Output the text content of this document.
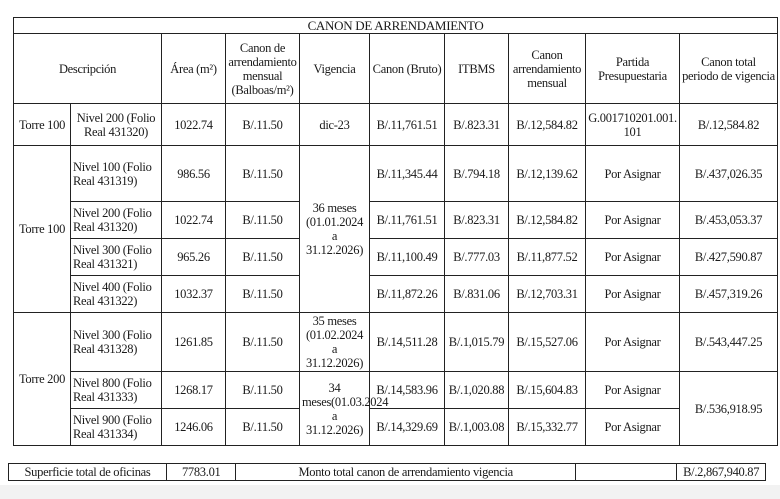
CANON DE ARRENDAMIENTO									
Descripción		Área (m²)	Canon de arrendamiento mensual (Balboas/m²)	Vigencia	Canon (Bruto)	ITBMS	Canon arrendamiento mensual	Partida Presupuestaria	Canon total periodo de vigencia
Torre 100	Nivel 200 (Folio Real 431320)	1022.74	B/.11.50	dic-23	B/.11,761.51	B/.823.31	B/.12,584.82	G.001710201.001.101	B/.12,584.82
Torre 100	Nivel 100 (Folio Real 431319)	986.56	B/.11.50	36 meses (01.01.2024 a 31.12.2026)	B/.11,345.44	B/.794.18	B/.12,139.62	Por Asignar	B/.437,026.35
	Nivel 200 (Folio Real 431320)	1022.74	B/.11.50		B/.11,761.51	B/.823.31	B/.12,584.82	Por Asignar	B/.453,053.37
	Nivel 300 (Folio Real 431321)	965.26	B/.11.50		B/.11,100.49	B/.777.03	B/.11,877.52	Por Asignar	B/.427,590.87
	Nivel 400 (Folio Real 431322)	1032.37	B/.11.50		B/.11,872.26	B/.831.06	B/.12,703.31	Por Asignar	B/.457,319.26
Torre 200	Nivel 300 (Folio Real 431328)	1261.85	B/.11.50	35 meses (01.02.2024 a 31.12.2026)	B/.14,511.28	B/.1,015.79	B/.15,527.06	Por Asignar	B/.543,447.25
	Nivel 800 (Folio Real 431333)	1268.17	B/.11.50	34 meses(01.03.2024 a 31.12.2026)	B/.14,583.96	B/.1,020.88	B/.15,604.83	Por Asignar	B/.536,918.95
	Nivel 900 (Folio Real 431334)	1246.06	B/.11.50		B/.14,329.69	B/.1,003.08	B/.15,332.77	Por Asignar	
Superficie total de oficinas	7783.01	Monto total canon de arrendamiento vigencia		B/.2,867,940.87
